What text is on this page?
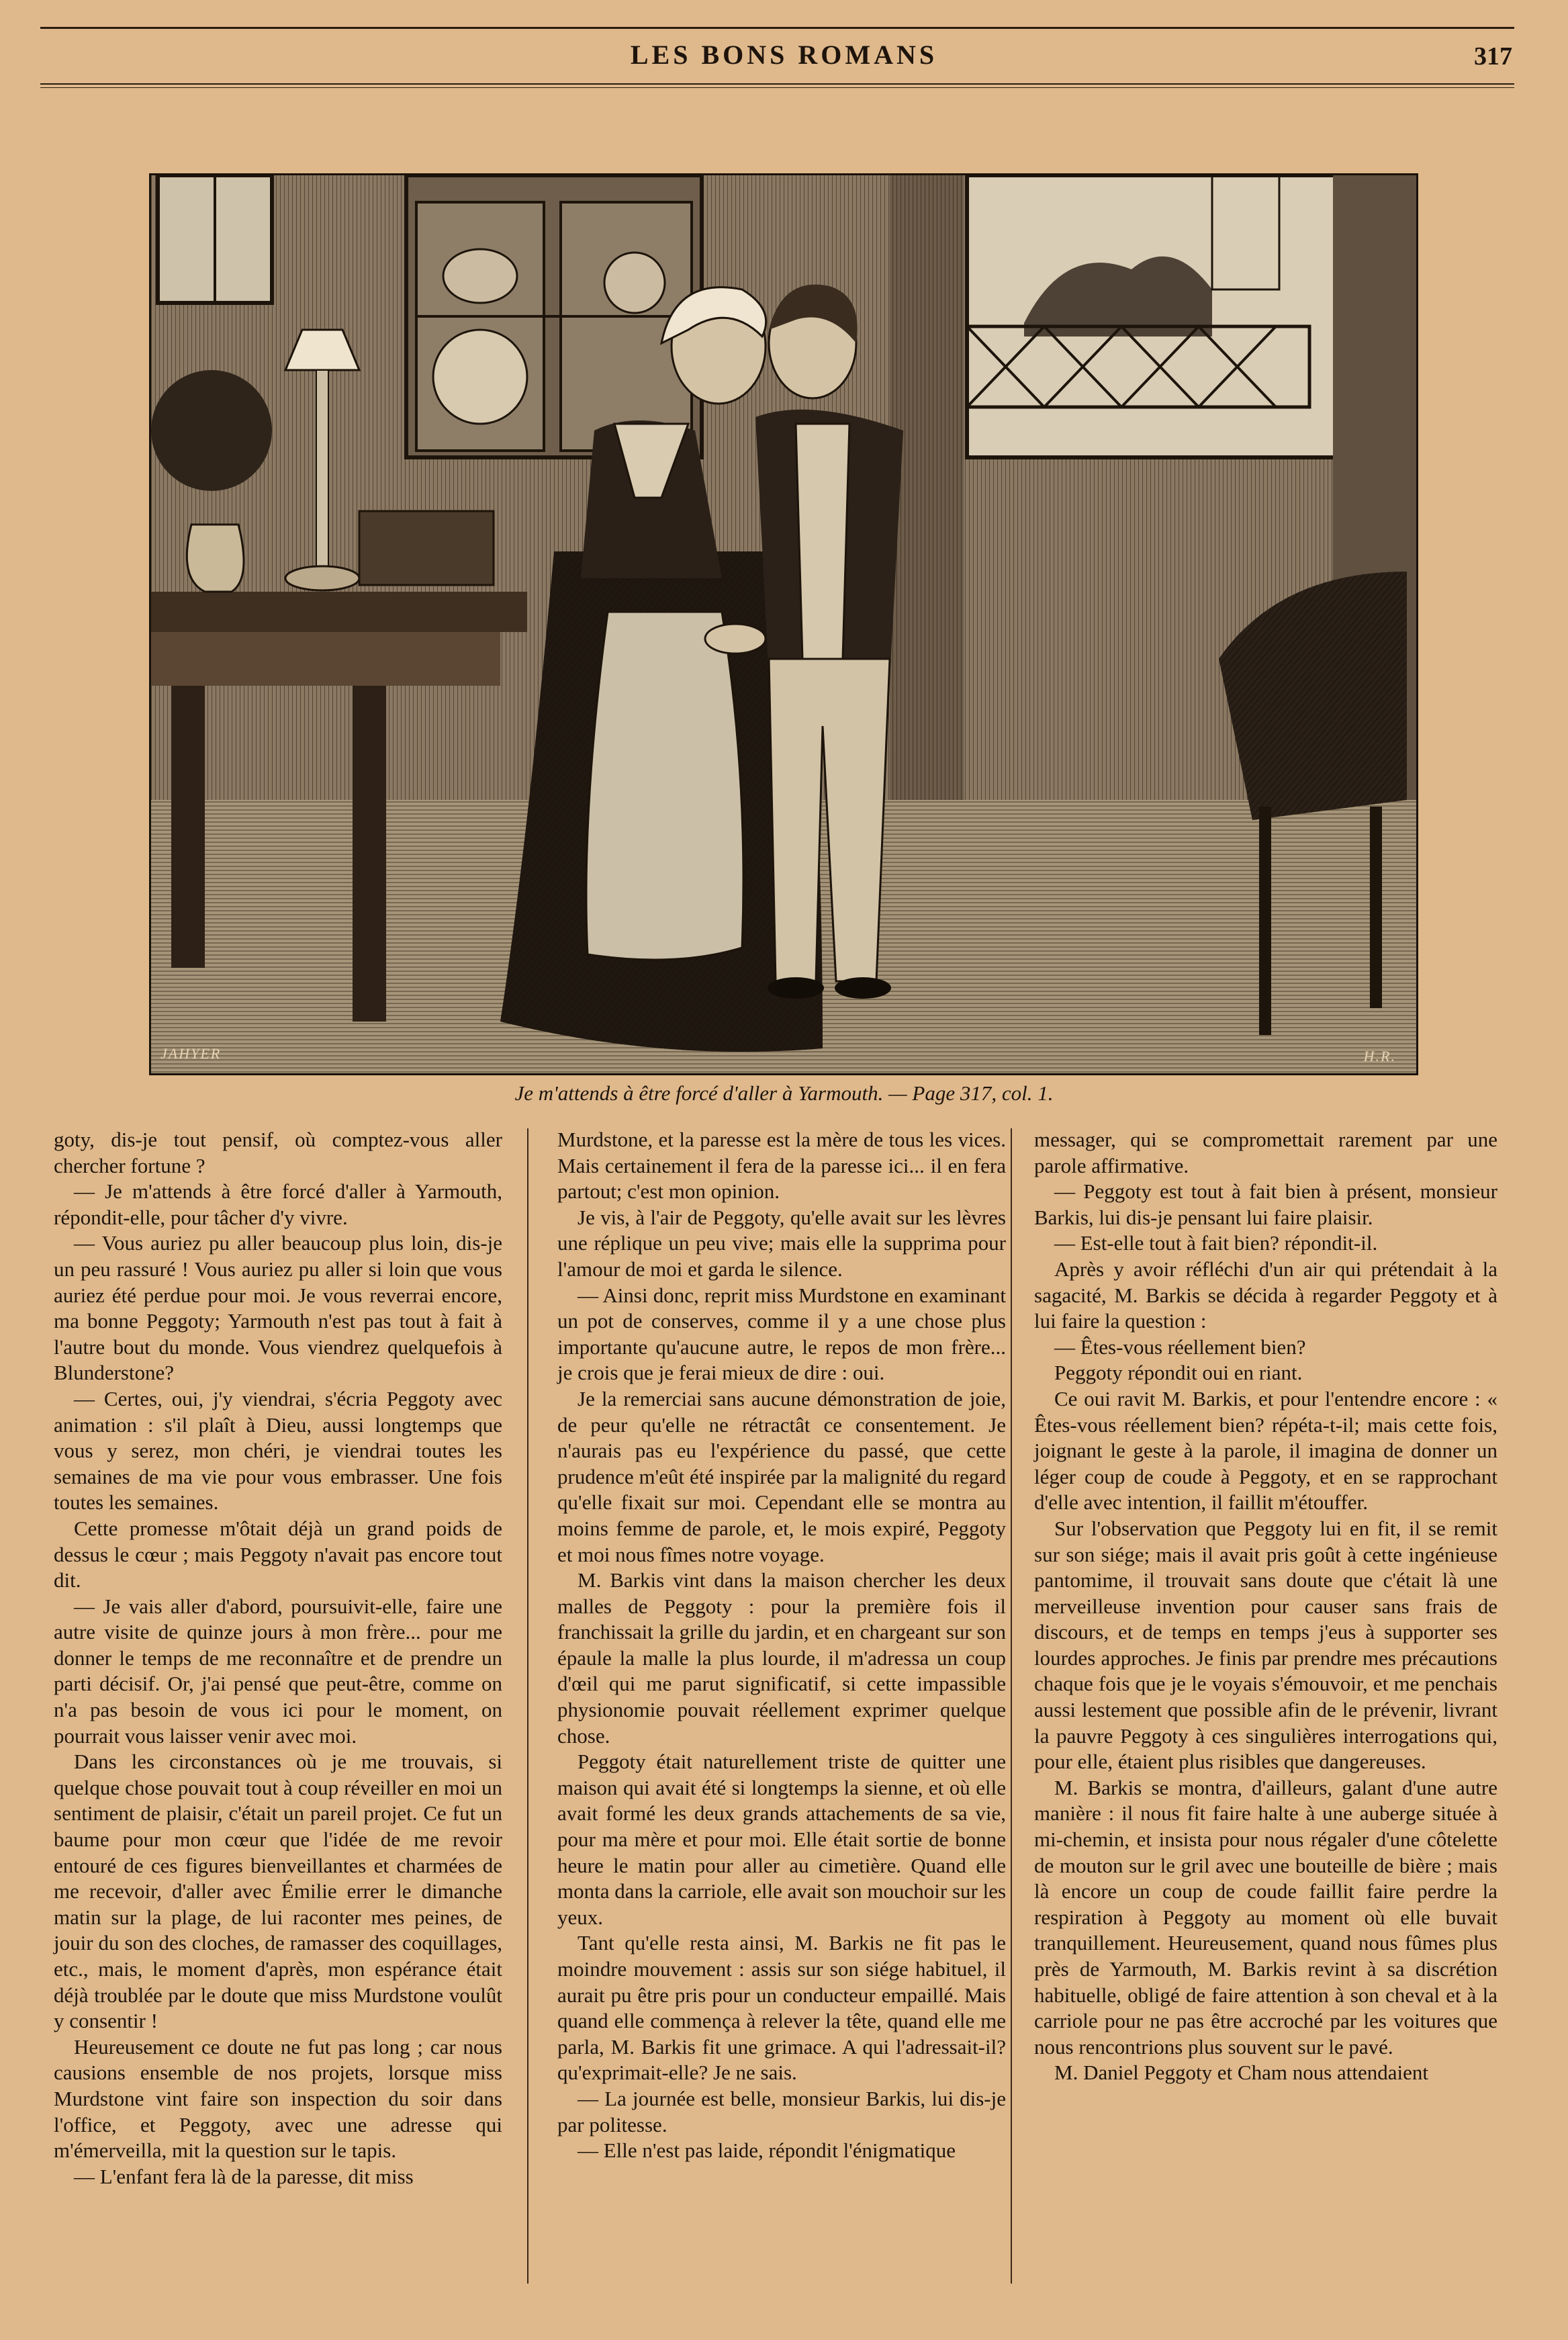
LES BONS ROMANS	317
JAHYER	H.R.
Je m'attends à être forcé d'aller à Yarmouth. — Page 317, col. 1.

goty, dis-je tout pensif, où comptez-vous aller chercher fortune ?

— Je m'attends à être forcé d'aller à Yarmouth, répondit-elle, pour tâcher d'y vivre.

— Vous auriez pu aller beaucoup plus loin, dis-je un peu rassuré ! Vous auriez pu aller si loin que vous auriez été perdue pour moi. Je vous reverrai encore, ma bonne Peggoty; Yarmouth n'est pas tout à fait à l'autre bout du monde. Vous viendrez quelquefois à Blunderstone?

— Certes, oui, j'y viendrai, s'écria Peggoty avec animation : s'il plaît à Dieu, aussi longtemps que vous y serez, mon chéri, je viendrai toutes les semaines de ma vie pour vous embrasser. Une fois toutes les semaines.

Cette promesse m'ôtait déjà un grand poids de dessus le cœur ; mais Peggoty n'avait pas encore tout dit.

— Je vais aller d'abord, poursuivit-elle, faire une autre visite de quinze jours à mon frère... pour me donner le temps de me reconnaître et de prendre un parti décisif. Or, j'ai pensé que peut-être, comme on n'a pas besoin de vous ici pour le moment, on pourrait vous laisser venir avec moi.

Dans les circonstances où je me trouvais, si quelque chose pouvait tout à coup réveiller en moi un sentiment de plaisir, c'était un pareil projet. Ce fut un baume pour mon cœur que l'idée de me revoir entouré de ces figures bienveillantes et charmées de me recevoir, d'aller avec Émilie errer le dimanche matin sur la plage, de lui raconter mes peines, de jouir du son des cloches, de ramasser des coquillages, etc., mais, le moment d'après, mon espérance était déjà troublée par le doute que miss Murdstone voulût y consentir !

Heureusement ce doute ne fut pas long ; car nous causions ensemble de nos projets, lorsque miss Murdstone vint faire son inspection du soir dans l'office, et Peggoty, avec une adresse qui m'émerveilla, mit la question sur le tapis.

— L'enfant fera là de la paresse, dit miss

Murdstone, et la paresse est la mère de tous les vices. Mais certainement il fera de la paresse ici... il en fera partout; c'est mon opinion.

Je vis, à l'air de Peggoty, qu'elle avait sur les lèvres une réplique un peu vive; mais elle la supprima pour l'amour de moi et garda le silence.

— Ainsi donc, reprit miss Murdstone en examinant un pot de conserves, comme il y a une chose plus importante qu'aucune autre, le repos de mon frère... je crois que je ferai mieux de dire : oui.

Je la remerciai sans aucune démonstration de joie, de peur qu'elle ne rétractât ce consentement. Je n'aurais pas eu l'expérience du passé, que cette prudence m'eût été inspirée par la malignité du regard qu'elle fixait sur moi. Cependant elle se montra au moins femme de parole, et, le mois expiré, Peggoty et moi nous fîmes notre voyage.

M. Barkis vint dans la maison chercher les deux malles de Peggoty : pour la première fois il franchissait la grille du jardin, et en chargeant sur son épaule la malle la plus lourde, il m'adressa un coup d'œil qui me parut significatif, si cette impassible physionomie pouvait réellement exprimer quelque chose.

Peggoty était naturellement triste de quitter une maison qui avait été si longtemps la sienne, et où elle avait formé les deux grands attachements de sa vie, pour ma mère et pour moi. Elle était sortie de bonne heure le matin pour aller au cimetière. Quand elle monta dans la carriole, elle avait son mouchoir sur les yeux.

Tant qu'elle resta ainsi, M. Barkis ne fit pas le moindre mouvement : assis sur son siége habituel, il aurait pu être pris pour un conducteur empaillé. Mais quand elle commença à relever la tête, quand elle me parla, M. Barkis fit une grimace. A qui l'adressait-il? qu'exprimait-elle? Je ne sais.

— La journée est belle, monsieur Barkis, lui dis-je par politesse.

— Elle n'est pas laide, répondit l'énigmatique

messager, qui se compromettait rarement par une parole affirmative.

— Peggoty est tout à fait bien à présent, monsieur Barkis, lui dis-je pensant lui faire plaisir.

— Est-elle tout à fait bien? répondit-il.

Après y avoir réfléchi d'un air qui prétendait à la sagacité, M. Barkis se décida à regarder Peggoty et à lui faire la question :

— Êtes-vous réellement bien?

Peggoty répondit oui en riant.

Ce oui ravit M. Barkis, et pour l'entendre encore : « Êtes-vous réellement bien? répéta-t-il; mais cette fois, joignant le geste à la parole, il imagina de donner un léger coup de coude à Peggoty, et en se rapprochant d'elle avec intention, il faillit m'étouffer.

Sur l'observation que Peggoty lui en fit, il se remit sur son siége; mais il avait pris goût à cette ingénieuse pantomime, il trouvait sans doute que c'était là une merveilleuse invention pour causer sans frais de discours, et de temps en temps j'eus à supporter ses lourdes approches. Je finis par prendre mes précautions chaque fois que je le voyais s'émouvoir, et me penchais aussi lestement que possible afin de le prévenir, livrant la pauvre Peggoty à ces singulières interrogations qui, pour elle, étaient plus risibles que dangereuses.

M. Barkis se montra, d'ailleurs, galant d'une autre manière : il nous fit faire halte à une auberge située à mi-chemin, et insista pour nous régaler d'une côtelette de mouton sur le gril avec une bouteille de bière ; mais là encore un coup de coude faillit faire perdre la respiration à Peggoty au moment où elle buvait tranquillement. Heureusement, quand nous fûmes plus près de Yarmouth, M. Barkis revint à sa discrétion habituelle, obligé de faire attention à son cheval et à la carriole pour ne pas être accroché par les voitures que nous rencontrions plus souvent sur le pavé.

M. Daniel Peggoty et Cham nous attendaient
